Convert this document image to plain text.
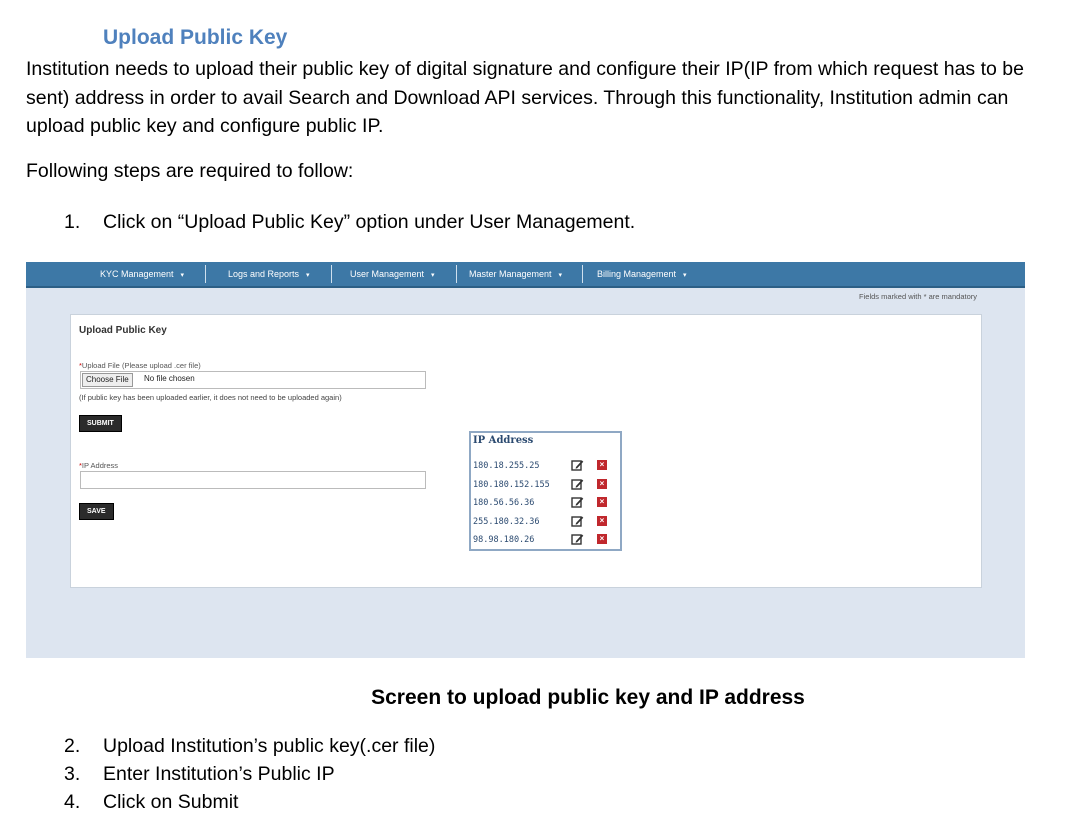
Upload Public Key
Institution needs to upload their public key of digital signature and configure their IP(IP from which request has to be sent) address in order to avail Search and Download API services. Through this functionality, Institution admin can upload public key and configure public IP.
Following steps are required to follow:
1. Click on “Upload Public Key” option under User Management.
KYC Management ▾	Logs and Reports ▾	User Management ▾	Master Management ▾	Billing Management ▾
Fields marked with * are mandatory
Upload Public Key
*Upload File (Please upload .cer file)
Choose File	No file chosen
(If public key has been uploaded earlier, it does not need to be uploaded again)
SUBMIT
*IP Address
SAVE
IP Address
180.18.255.25	×
180.180.152.155	×
180.56.56.36	×
255.180.32.36	×
98.98.180.26	×
Screen to upload public key and IP address
2. Upload Institution’s public key(.cer file)
3. Enter Institution’s Public IP
4. Click on Submit
